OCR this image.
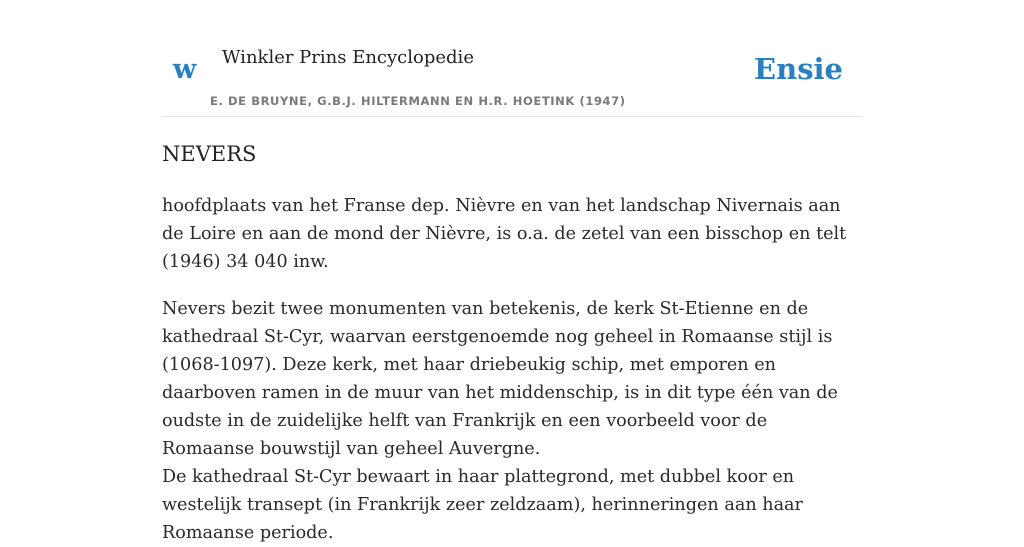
w Winkler Prins Encyclopedie
E. DE BRUYNE, G.B.J. HILTERMANN EN H.R. HOETINK (1947)
Ensie
NEVERS

hoofdplaats van het Franse dep. Nièvre en van het landschap Nivernais aan de Loire en aan de mond der Nièvre, is o.a. de zetel van een bisschop en telt (1946) 34 040 inw.

Nevers bezit twee monumenten van betekenis, de kerk St-Etienne en de kathedraal St-Cyr, waarvan eerstgenoemde nog geheel in Romaanse stijl is (1068-1097). Deze kerk, met haar driebeukig schip, met emporen en daarboven ramen in de muur van het middenschip, is in dit type één van de oudste in de zuidelijke helft van Frankrijk en een voorbeeld voor de Romaanse bouwstijl van geheel Auvergne.

De kathedraal St-Cyr bewaart in haar plattegrond, met dubbel koor en westelijk transept (in Frankrijk zeer zeldzaam), herinneringen aan haar Romaanse periode.
